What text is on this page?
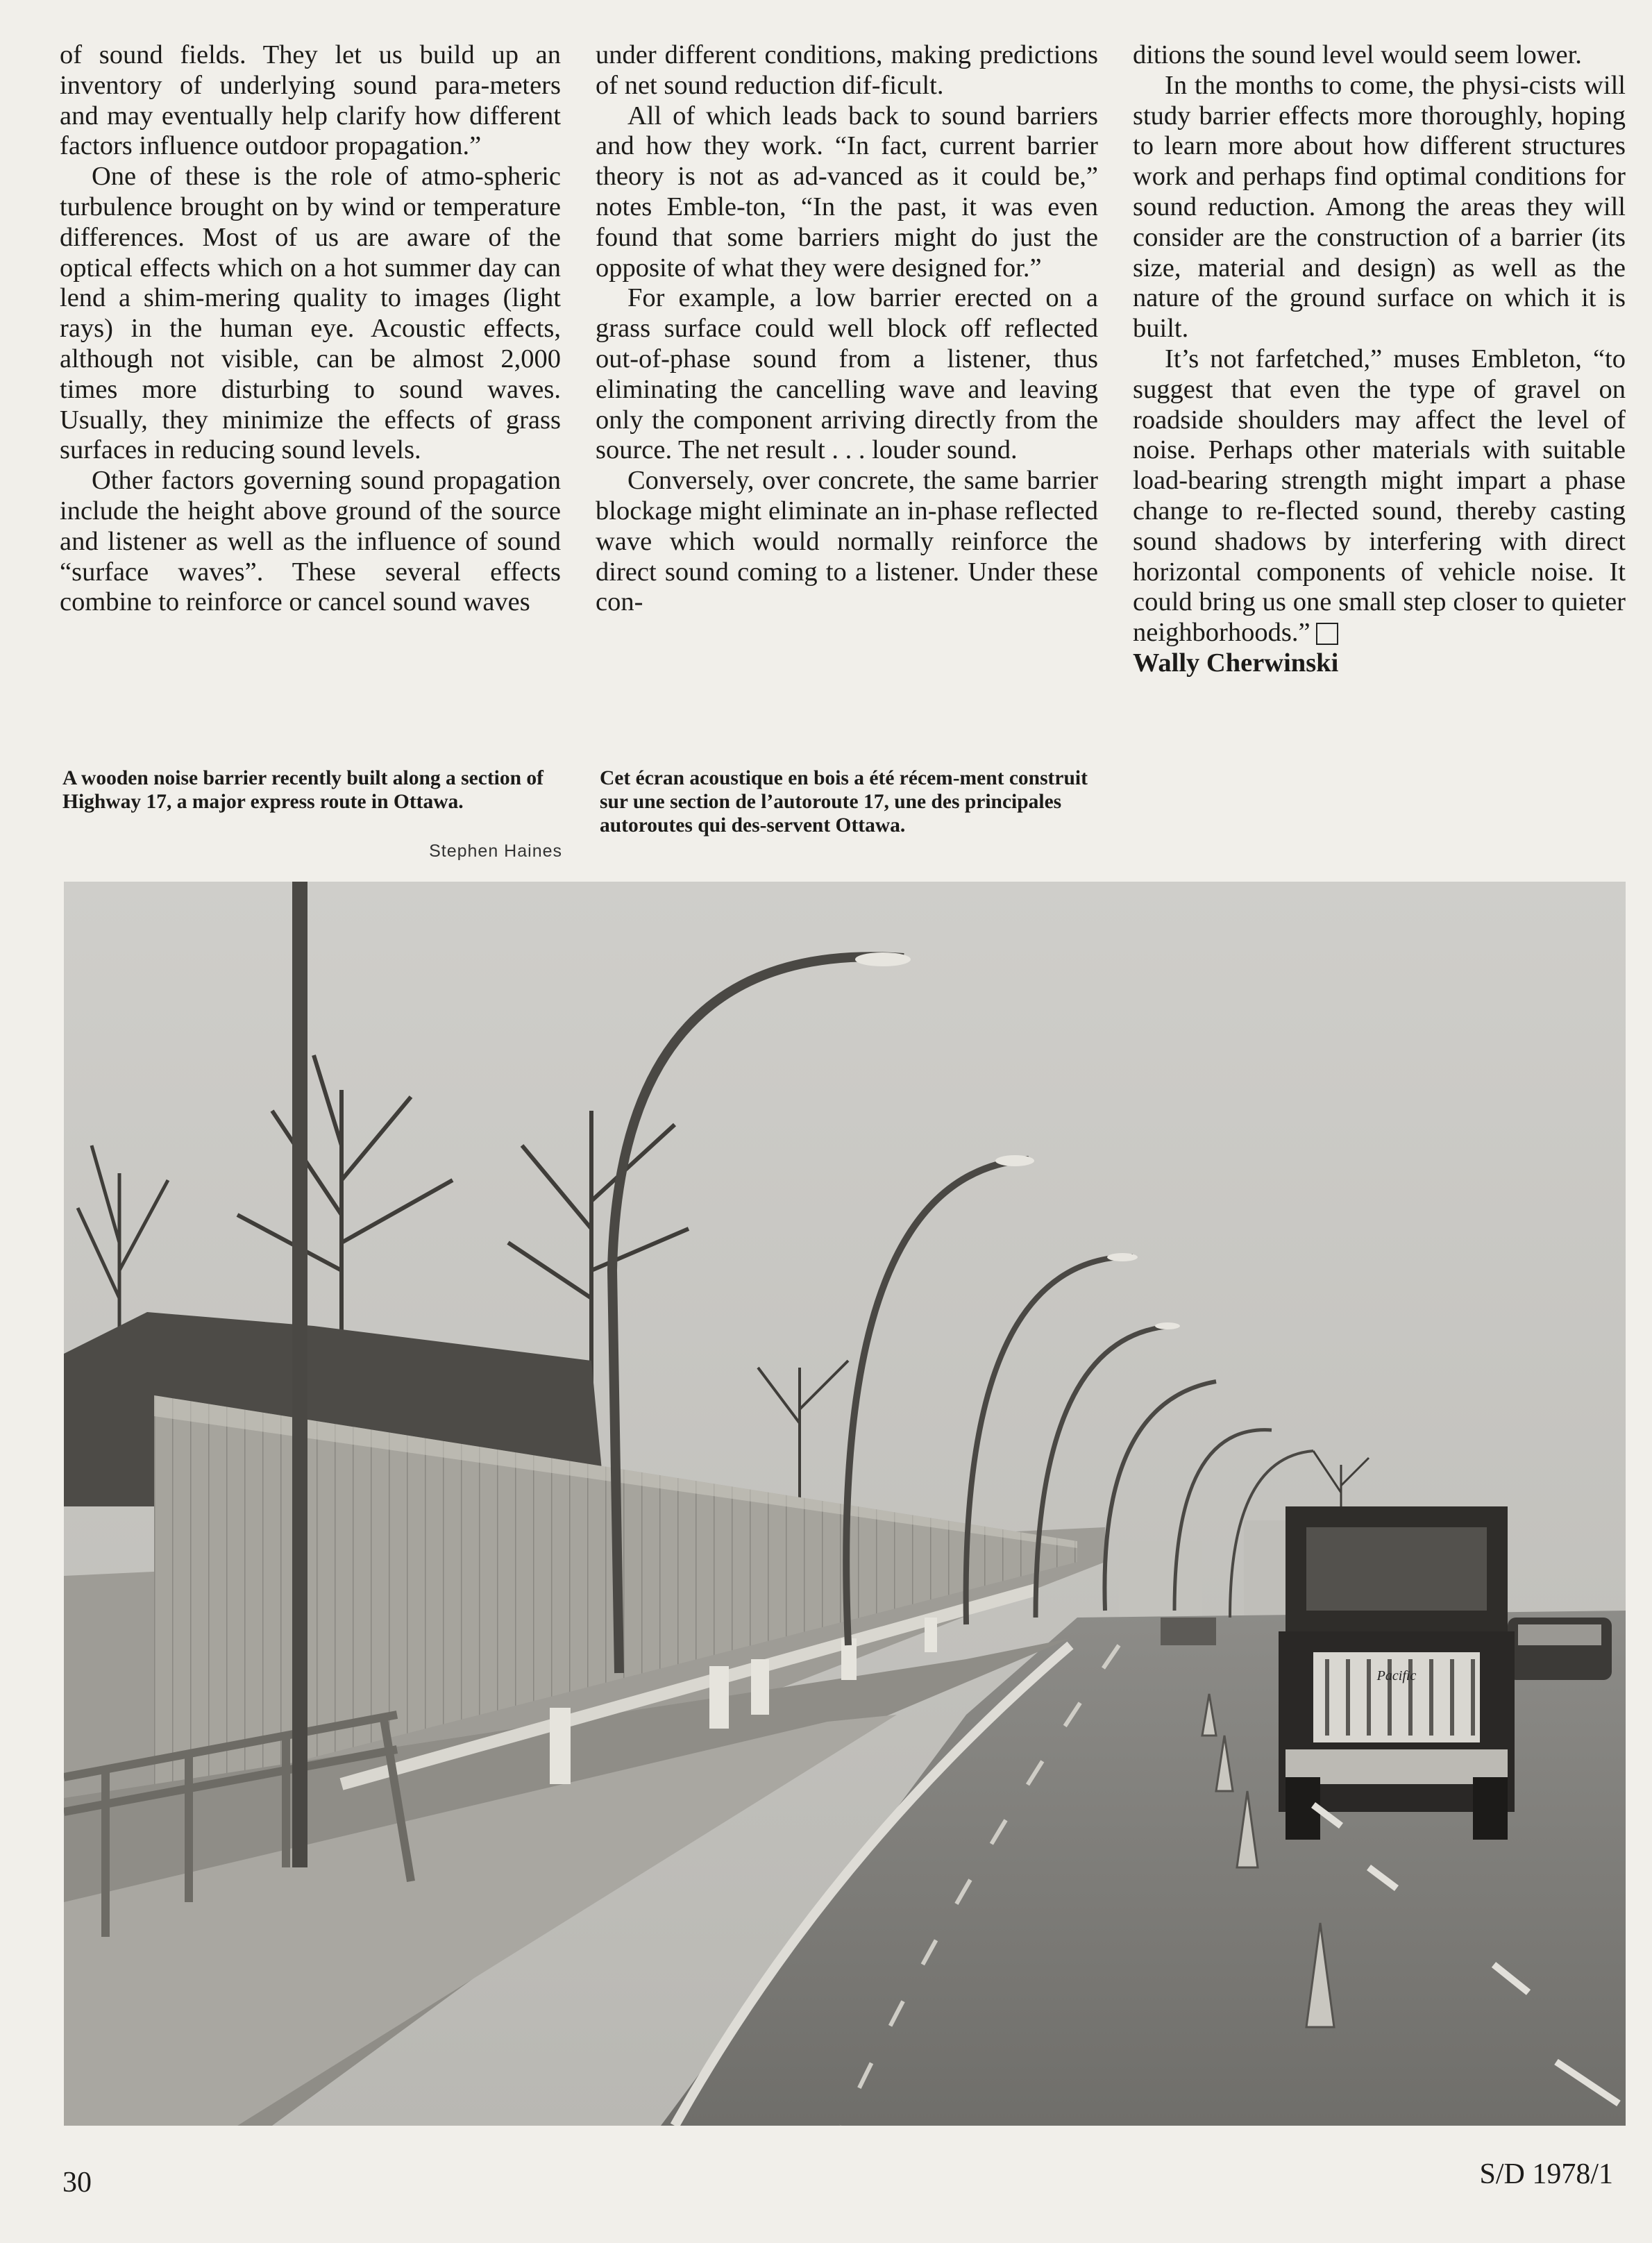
of sound fields. They let us build up an inventory of underlying sound para-meters and may eventually help clarify how different factors influence outdoor propagation.”

One of these is the role of atmo-spheric turbulence brought on by wind or temperature differences. Most of us are aware of the optical effects which on a hot summer day can lend a shim-mering quality to images (light rays) in the human eye. Acoustic effects, although not visible, can be almost 2,000 times more disturbing to sound waves. Usually, they minimize the effects of grass surfaces in reducing sound levels.

Other factors governing sound propagation include the height above ground of the source and listener as well as the influence of sound “surface waves”. These several effects combine to reinforce or cancel sound waves

under different conditions, making predictions of net sound reduction dif-ficult.

All of which leads back to sound barriers and how they work. “In fact, current barrier theory is not as ad-vanced as it could be,” notes Emble-ton, “In the past, it was even found that some barriers might do just the opposite of what they were designed for.”

For example, a low barrier erected on a grass surface could well block off reflected out-of-phase sound from a listener, thus eliminating the cancelling wave and leaving only the component arriving directly from the source. The net result . . . louder sound.

Conversely, over concrete, the same barrier blockage might eliminate an in-phase reflected wave which would normally reinforce the direct sound coming to a listener. Under these con-

ditions the sound level would seem lower.

In the months to come, the physi-cists will study barrier effects more thoroughly, hoping to learn more about how different structures work and perhaps find optimal conditions for sound reduction. Among the areas they will consider are the construction of a barrier (its size, material and design) as well as the nature of the ground surface on which it is built.

It’s not farfetched,” muses Embleton, “to suggest that even the type of gravel on roadside shoulders may affect the level of noise. Perhaps other materials with suitable load-bearing strength might impart a phase change to re-flected sound, thereby casting sound shadows by interfering with direct horizontal components of vehicle noise. It could bring us one small step closer to quieter neighborhoods.”

Wally Cherwinski

A wooden noise barrier recently built along a section of Highway 17, a major express route in Ottawa.
Stephen Haines
Cet écran acoustique en bois a été récem-ment construit sur une section de l’autoroute 17, une des principales autoroutes qui des-servent Ottawa.
Pacific
30	S/D 1978/1
